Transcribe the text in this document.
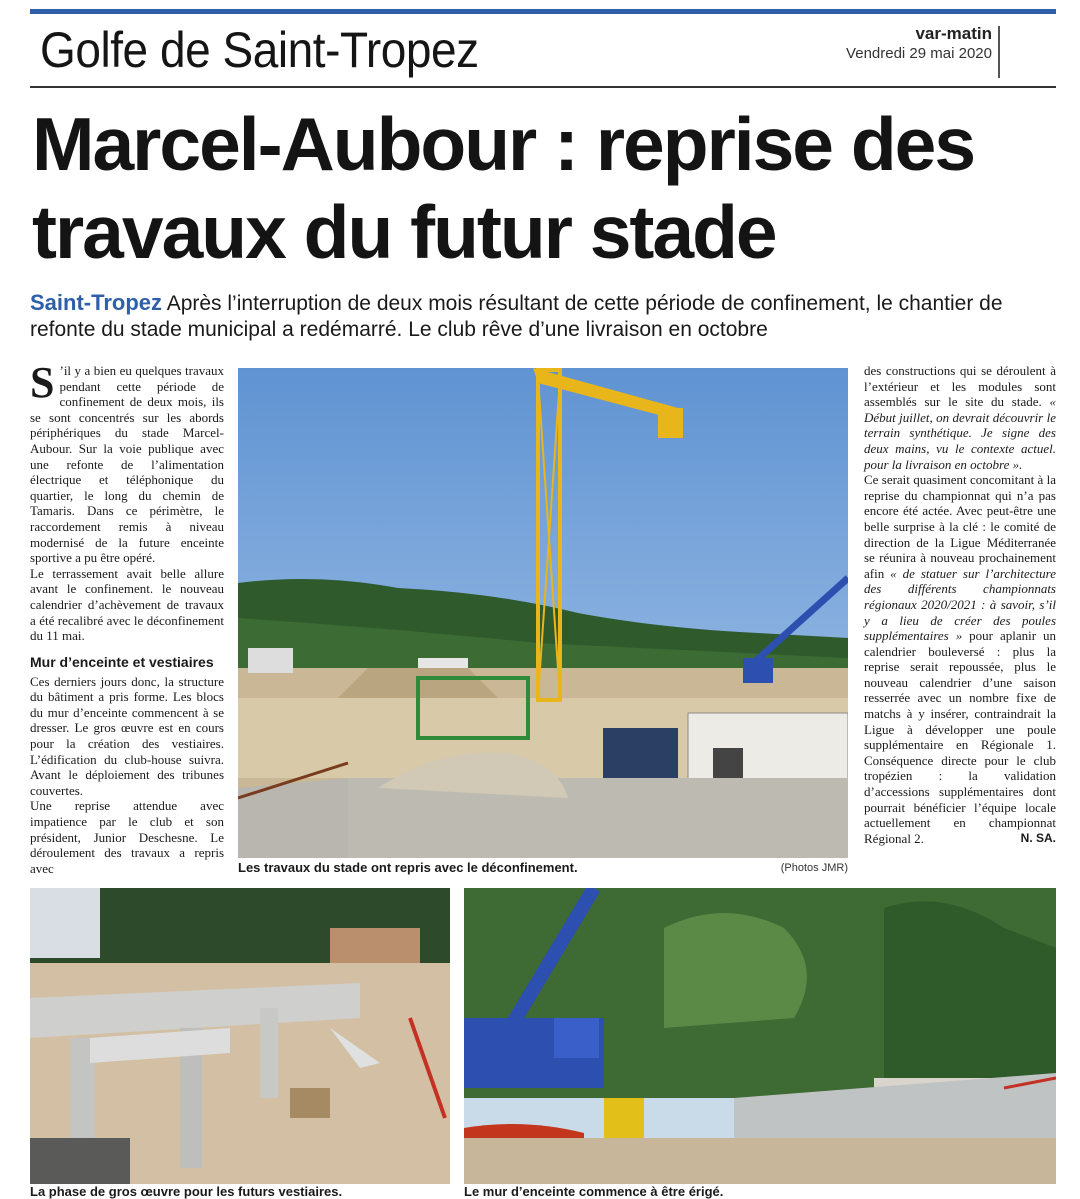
Golfe de Saint-Tropez	var-matin
Vendredi 29 mai 2020
Marcel-Aubour : reprise des travaux du futur stade
Saint-Tropez Après l’interruption de deux mois résultant de cette période de confinement, le chantier de refonte du stade municipal a redémarré. Le club rêve d’une livraison en octobre

S ’il y a bien eu quelques travaux pendant cette période de confinement de deux mois, ils se sont concentrés sur les abords périphériques du stade Marcel-Aubour. Sur la voie publique avec une refonte de l’alimentation électrique et téléphonique du quartier, le long du chemin de Tamaris. Dans ce périmètre, le raccordement remis à niveau modernisé de la future enceinte sportive a pu être opéré.

Le terrassement avait belle allure avant le confinement. le nouveau calendrier d’achèvement de travaux a été recalibré avec le déconfinement du 11 mai.

Mur d’enceinte et vestiaires

Ces derniers jours donc, la structure du bâtiment a pris forme. Les blocs du mur d’enceinte commencent à se dresser. Le gros œuvre est en cours pour la création des vestiaires. L’édification du club-house suivra. Avant le déploiement des tribunes couvertes.

Une reprise attendue avec impatience par le club et son président, Junior Deschesne. Le déroulement des travaux a repris avec

des constructions qui se déroulent à l’extérieur et les modules sont assemblés sur le site du stade. « Début juillet, on devrait découvrir le terrain synthétique. Je signe des deux mains, vu le contexte actuel. pour la livraison en octobre ».

Ce serait quasiment concomitant à la reprise du championnat qui n’a pas encore été actée. Avec peut-être une belle surprise à la clé : le comité de direction de la Ligue Méditerranée se réunira à nouveau prochainement afin « de statuer sur l’architecture des différents championnats régionaux 2020/2021 : à savoir, s’il y a lieu de créer des poules supplémentaires » pour aplanir un calendrier bouleversé : plus la reprise serait repoussée, plus le nouveau calendrier d’une saison resserrée avec un nombre fixe de matchs à y insérer, contraindrait la Ligue à développer une poule supplémentaire en Régionale 1. Conséquence directe pour le club tropézien : la validation d’accessions supplémentaires dont pourrait bénéficier l’équipe locale actuellement en championnat Régional 2.	N. SA.

Les travaux du stade ont repris avec le déconfinement.	(Photos JMR)
La phase de gros œuvre pour les futurs vestiaires.	Le mur d’enceinte commence à être érigé.
